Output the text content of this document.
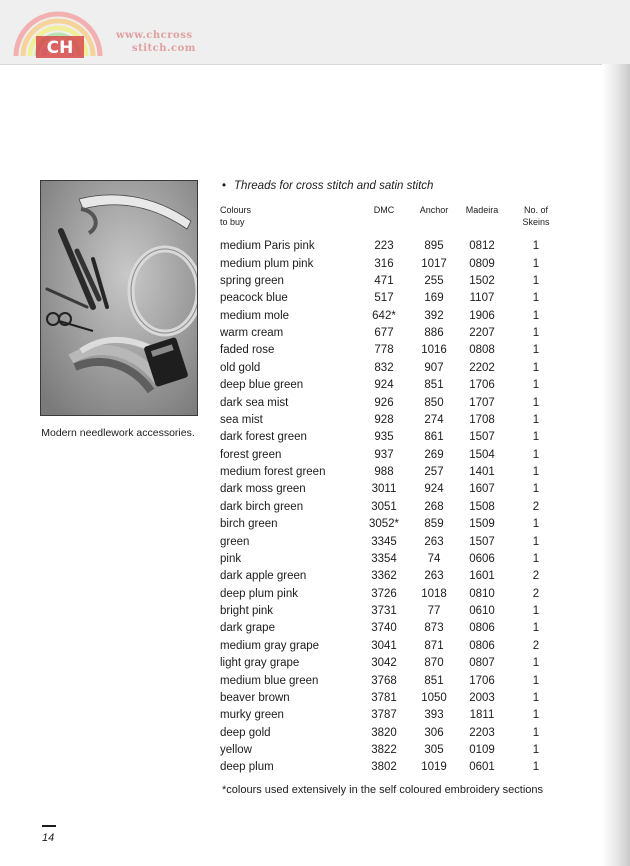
CH
www.chcross
stitch.com
Modern needlework accessories.
• Threads for cross stitch and satin stitch
Colours
to buy	DMC	Anchor	Madeira	No. of
Skeins
medium Paris pink	223	895	0812	1
medium plum pink	316	1017	0809	1
spring green	471	255	1502	1
peacock blue	517	169	1107	1
medium mole	642*	392	1906	1
warm cream	677	886	2207	1
faded rose	778	1016	0808	1
old gold	832	907	2202	1
deep blue green	924	851	1706	1
dark sea mist	926	850	1707	1
sea mist	928	274	1708	1
dark forest green	935	861	1507	1
forest green	937	269	1504	1
medium forest green	988	257	1401	1
dark moss green	3011	924	1607	1
dark birch green	3051	268	1508	2
birch green	3052*	859	1509	1
green	3345	263	1507	1
pink	3354	74	0606	1
dark apple green	3362	263	1601	2
deep plum pink	3726	1018	0810	2
bright pink	3731	77	0610	1
dark grape	3740	873	0806	1
medium gray grape	3041	871	0806	2
light gray grape	3042	870	0807	1
medium blue green	3768	851	1706	1
beaver brown	3781	1050	2003	1
murky green	3787	393	1811	1
deep gold	3820	306	2203	1
yellow	3822	305	0109	1
deep plum	3802	1019	0601	1
*colours used extensively in the self coloured embroidery sections
14
